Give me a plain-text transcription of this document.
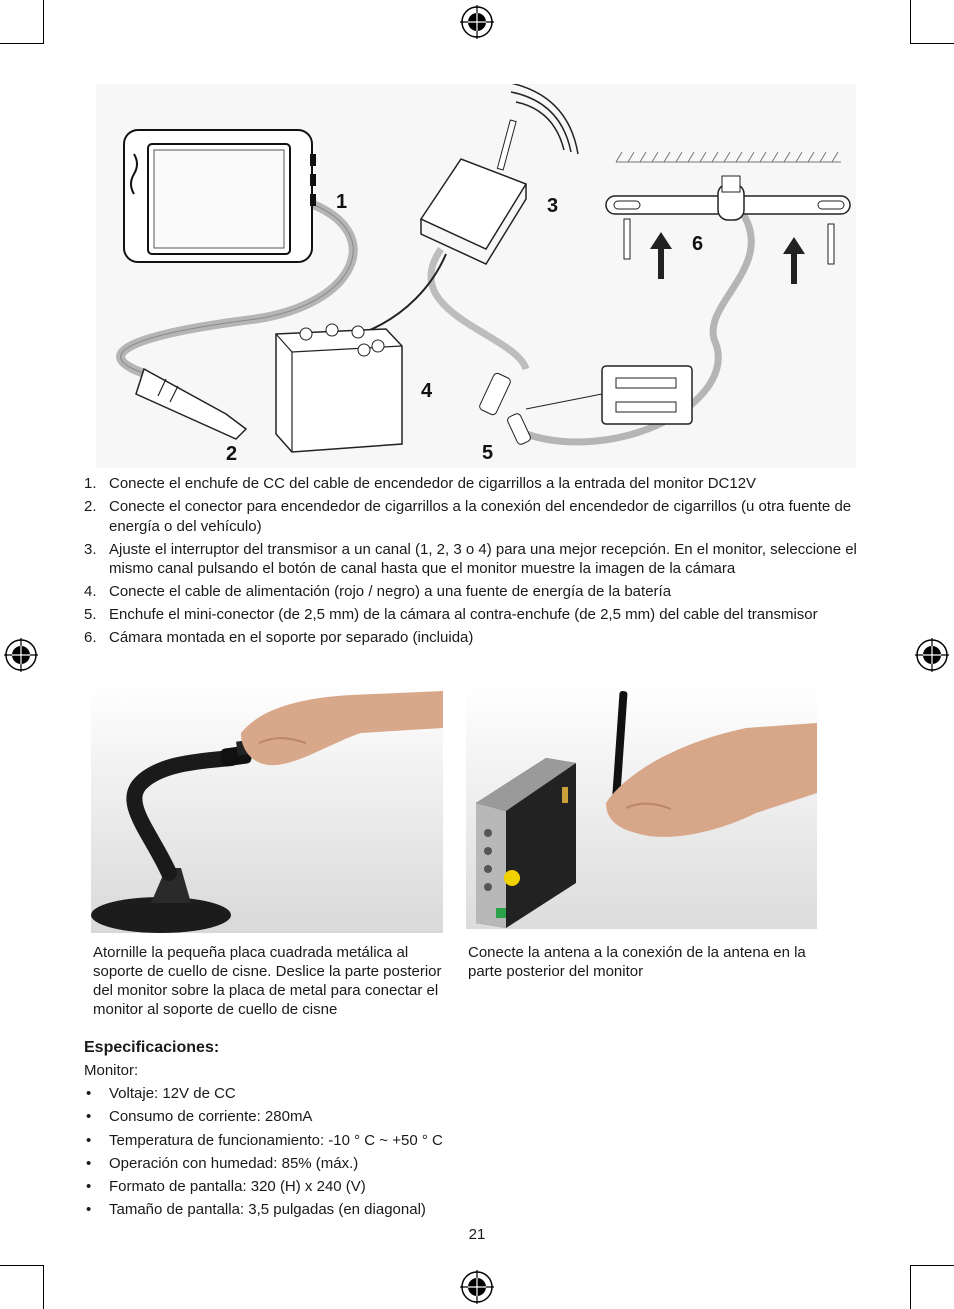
1
2
3
4
5
6
1. Conecte el enchufe de CC del cable de encendedor de cigarrillos a la entrada del monitor DC12V
2. Conecte el conector para encendedor de cigarrillos a la conexión del encendedor de cigarrillos (u otra fuente de energía o del vehículo)
3. Ajuste el interruptor del transmisor a un canal (1, 2, 3 o 4) para una mejor recepción. En el monitor, seleccione el mismo canal pulsando el botón de canal hasta que el monitor muestre la imagen de la cámara
4. Conecte el cable de alimentación (rojo / negro) a una fuente de energía de la batería
5. Enchufe el mini-conector (de 2,5 mm) de la cámara al contra-enchufe (de 2,5 mm) del cable del transmisor
6. Cámara montada en el soporte por separado (incluida)
Atornille la pequeña placa cuadrada metálica al soporte de cuello de cisne. Deslice la parte posterior del monitor sobre la placa de metal para conectar el monitor al soporte de cuello de cisne
Conecte la antena a la conexión de la antena en la parte posterior del monitor
Especificaciones:
Monitor:
• Voltaje: 12V de CC
• Consumo de corriente: 280mA
• Temperatura de funcionamiento: -10 ° C ~ +50 ° C
• Operación con humedad: 85% (máx.)
• Formato de pantalla: 320 (H) x 240 (V)
• Tamaño de pantalla: 3,5 pulgadas (en diagonal)
21
